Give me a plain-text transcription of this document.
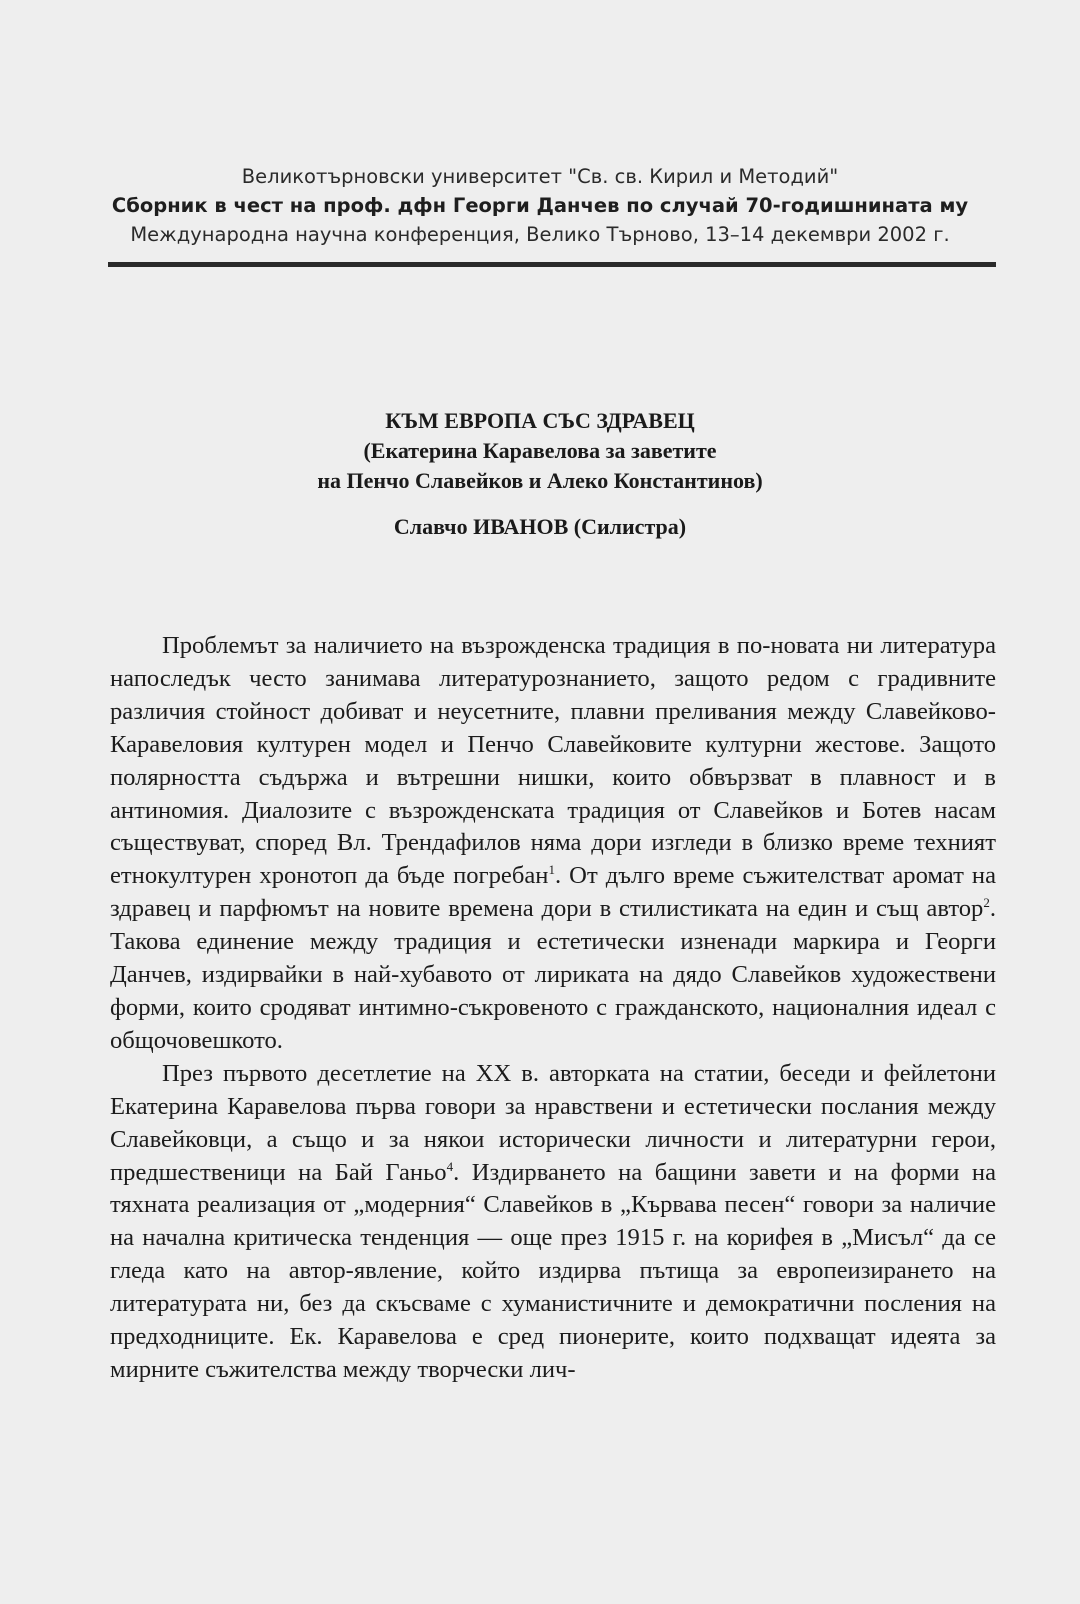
Великотърновски университет "Св. св. Кирил и Методий"
Сборник в чест на проф. дфн Георги Данчев по случай 70-годишнината му
Международна научна конференция, Велико Търново, 13–14 декември 2002 г.
КЪМ ЕВРОПА СЪС ЗДРАВЕЦ
(Екатерина Каравелова за заветите
на Пенчо Славейков и Алеко Константинов)
Славчо ИВАНОВ (Силистра)

Проблемът за наличието на възрожденска традиция в по-новата ни литература напоследък често занимава литературознанието, защото редом с градивните различия стойност добиват и неусетните, плавни преливания между Славейково-Каравеловия културен модел и Пенчо Славейковите културни жестове. Защото полярността съдържа и вътрешни нишки, които обвързват в плавност и в антиномия. Диалозите с възрожденската традиция от Славейков и Ботев насам съществуват, според Вл. Трендафилов няма дори изгледи в близко време техният етнокултурен хронотоп да бъде погребан$^1$. От дълго време съжителстват аромат на здравец и парфюмът на новите времена дори в стилистиката на един и същ автор$^2$. Такова единение между традиция и естетически изненади маркира и Георги Данчев, издирвайки в най-хубавото от лириката на дядо Славейков художествени форми, които сродяват интимно-съкровеното с гражданското, националния идеал с общочовешкото.

През първото десетлетие на XX в. авторката на статии, беседи и фейлетони Екатерина Каравелова първа говори за нравствени и естетически послания между Славейковци, а също и за някои исторически личности и литературни герои, предшественици на Бай Ганьо$^4$. Издирването на бащини завети и на форми на тяхната реализация от „модерния“ Славейков в „Кървава песен“ говори за наличие на начална критическа тенденция — още през 1915 г. на корифея в „Мисъл“ да се гледа като на автор-явление, който издирва пътища за европеизирането на литературата ни, без да скъсваме с хуманистичните и демократични посления на предходниците. Ек. Каравелова е сред пионерите, които подхващат идеята за мирните съжителства между творчески лич-
